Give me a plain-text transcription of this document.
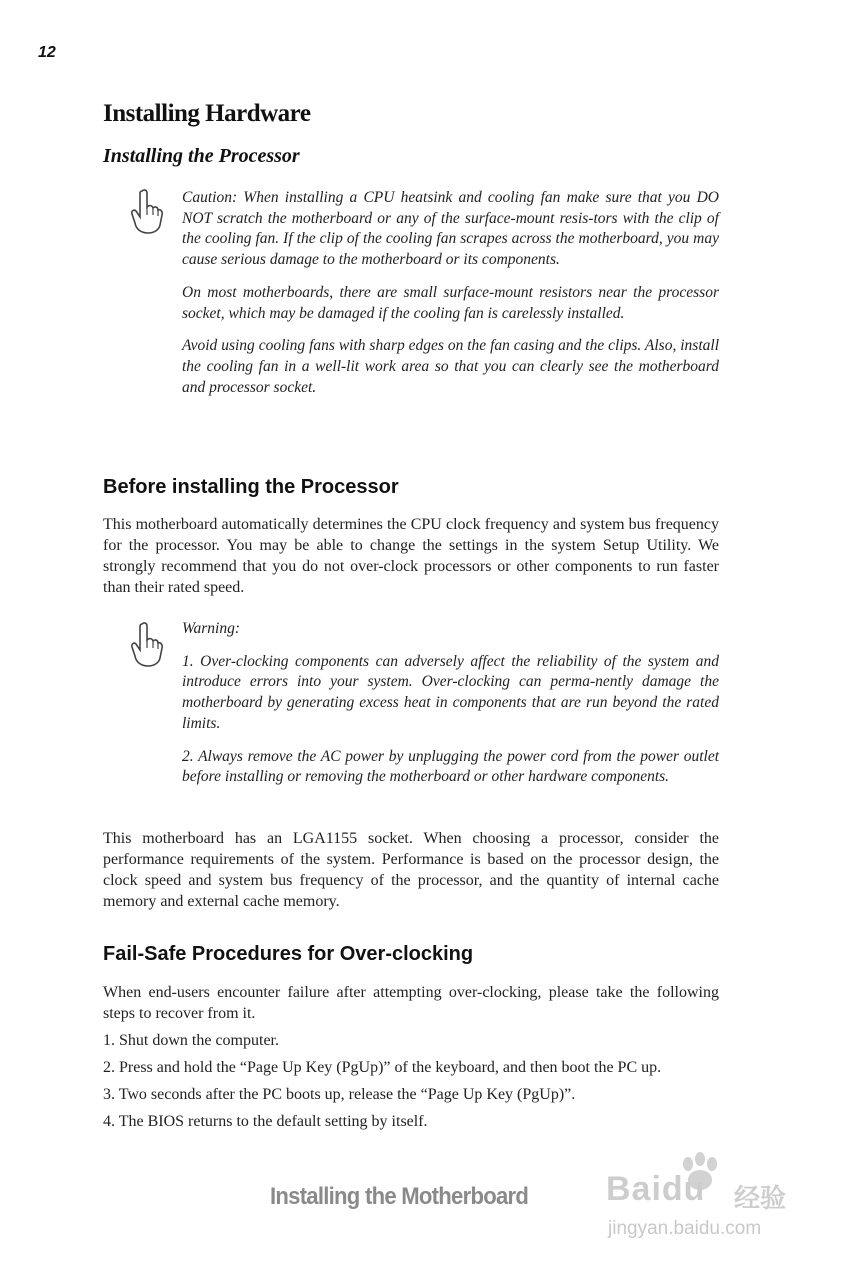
12
Installing Hardware
Installing the Processor

Caution: When installing a CPU heatsink and cooling fan make sure that you DO NOT scratch the motherboard or any of the surface-mount resis-tors with the clip of the cooling fan. If the clip of the cooling fan scrapes across the motherboard, you may cause serious damage to the motherboard or its components.

On most motherboards, there are small surface-mount resistors near the processor socket, which may be damaged if the cooling fan is carelessly installed.

Avoid using cooling fans with sharp edges on the fan casing and the clips. Also, install the cooling fan in a well-lit work area so that you can clearly see the motherboard and processor socket.

Before installing the Processor

This motherboard automatically determines the CPU clock frequency and system bus frequency for the processor. You may be able to change the settings in the system Setup Utility. We strongly recommend that you do not over-clock processors or other components to run faster than their rated speed.

Warning:

1. Over-clocking components can adversely affect the reliability of the system and introduce errors into your system. Over-clocking can perma-nently damage the motherboard by generating excess heat in components that are run beyond the rated limits.

2. Always remove the AC power by unplugging the power cord from the power outlet before installing or removing the motherboard or other hardware components.

This motherboard has an LGA1155 socket. When choosing a processor, consider the performance requirements of the system. Performance is based on the processor design, the clock speed and system bus frequency of the processor, and the quantity of internal cache memory and external cache memory.

Fail-Safe Procedures for Over-clocking

When end-users encounter failure after attempting over-clocking, please take the following steps to recover from it.

1. Shut down the computer.

2. Press and hold the “Page Up Key (PgUp)” of the keyboard, and then boot the PC up.

3. Two seconds after the PC boots up, release the “Page Up Key (PgUp)”.

4. The BIOS returns to the default setting by itself.

Installing the Motherboard Baidu 经验
jingyan.baidu.com
